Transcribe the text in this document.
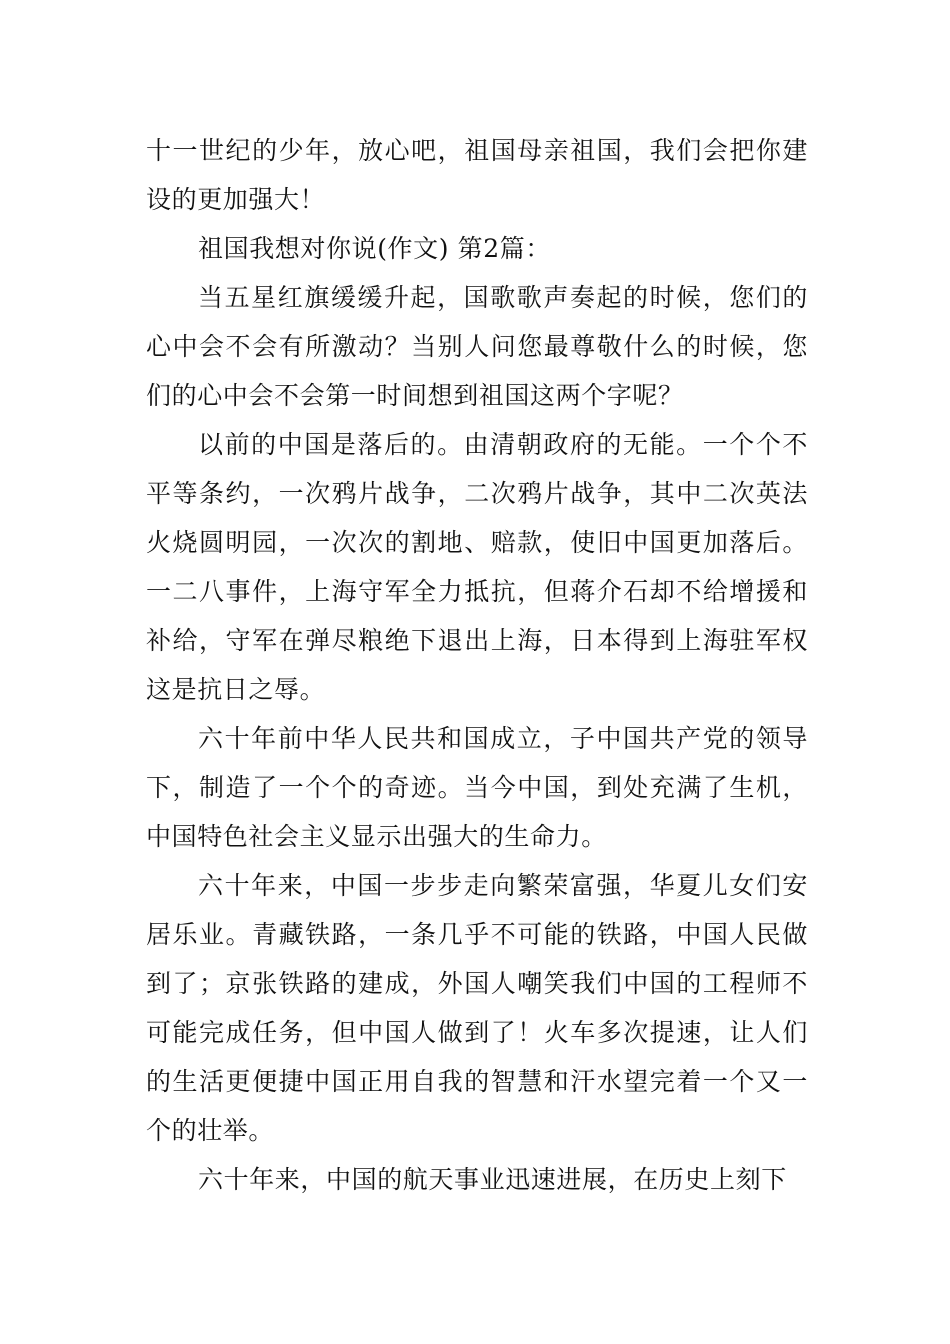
十一世纪的少年，放心吧，祖国母亲祖国，我们会把你建设的更加强大！

祖国我想对你说(作文) 第2篇：

当五星红旗缓缓升起，国歌歌声奏起的时候，您们的心中会不会有所激动？当别人问您最尊敬什么的时候，您们的心中会不会第一时间想到祖国这两个字呢？

以前的中国是落后的。由清朝政府的无能。一个个不平等条约，一次鸦片战争，二次鸦片战争，其中二次英法火烧圆明园，一次次的割地、赔款，使旧中国更加落后。一二八事件，上海守军全力抵抗，但蒋介石却不给增援和补给，守军在弹尽粮绝下退出上海，日本得到上海驻军权这是抗日之辱。

六十年前中华人民共和国成立，子中国共产党的领导下，制造了一个个的奇迹。当今中国，到处充满了生机，中国特色社会主义显示出强大的生命力。

六十年来，中国一步步走向繁荣富强，华夏儿女们安居乐业。青藏铁路，一条几乎不可能的铁路，中国人民做到了；京张铁路的建成，外国人嘲笑我们中国的工程师不可能完成任务，但中国人做到了！火车多次提速，让人们的生活更便捷中国正用自我的智慧和汗水望完着一个又一个的壮举。

六十年来，中国的航天事业迅速进展，在历史上刻下
